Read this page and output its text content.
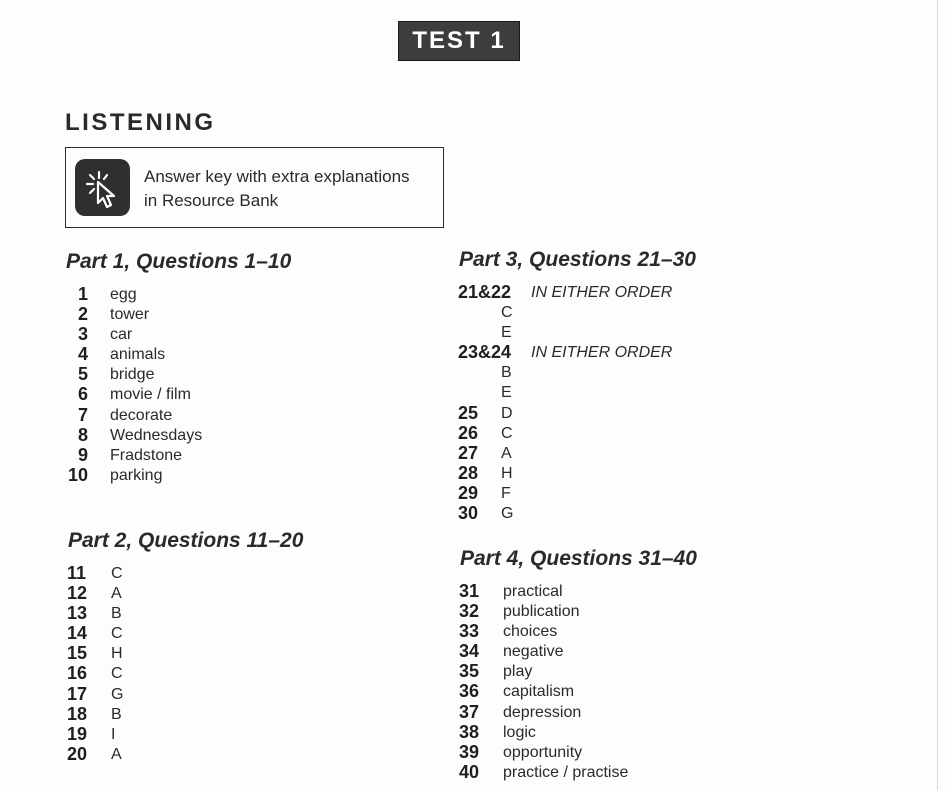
TEST 1
LISTENING
Answer key with extra explanations
in Resource Bank
Part 1, Questions 1–10
1 egg
2 tower
3 car
4 animals
5 bridge
6 movie / film
7 decorate
8 Wednesdays
9 Fradstone
10 parking
Part 2, Questions 11–20
11 C
12 A
13 B
14 C
15 H
16 C
17 G
18 B
19 I
20 A
Part 3, Questions 21–30
21&22 IN EITHER ORDER
C
E
23&24 IN EITHER ORDER
B
E
25 D
26 C
27 A
28 H
29 F
30 G
Part 4, Questions 31–40
31 practical
32 publication
33 choices
34 negative
35 play
36 capitalism
37 depression
38 logic
39 opportunity
40 practice / practise
